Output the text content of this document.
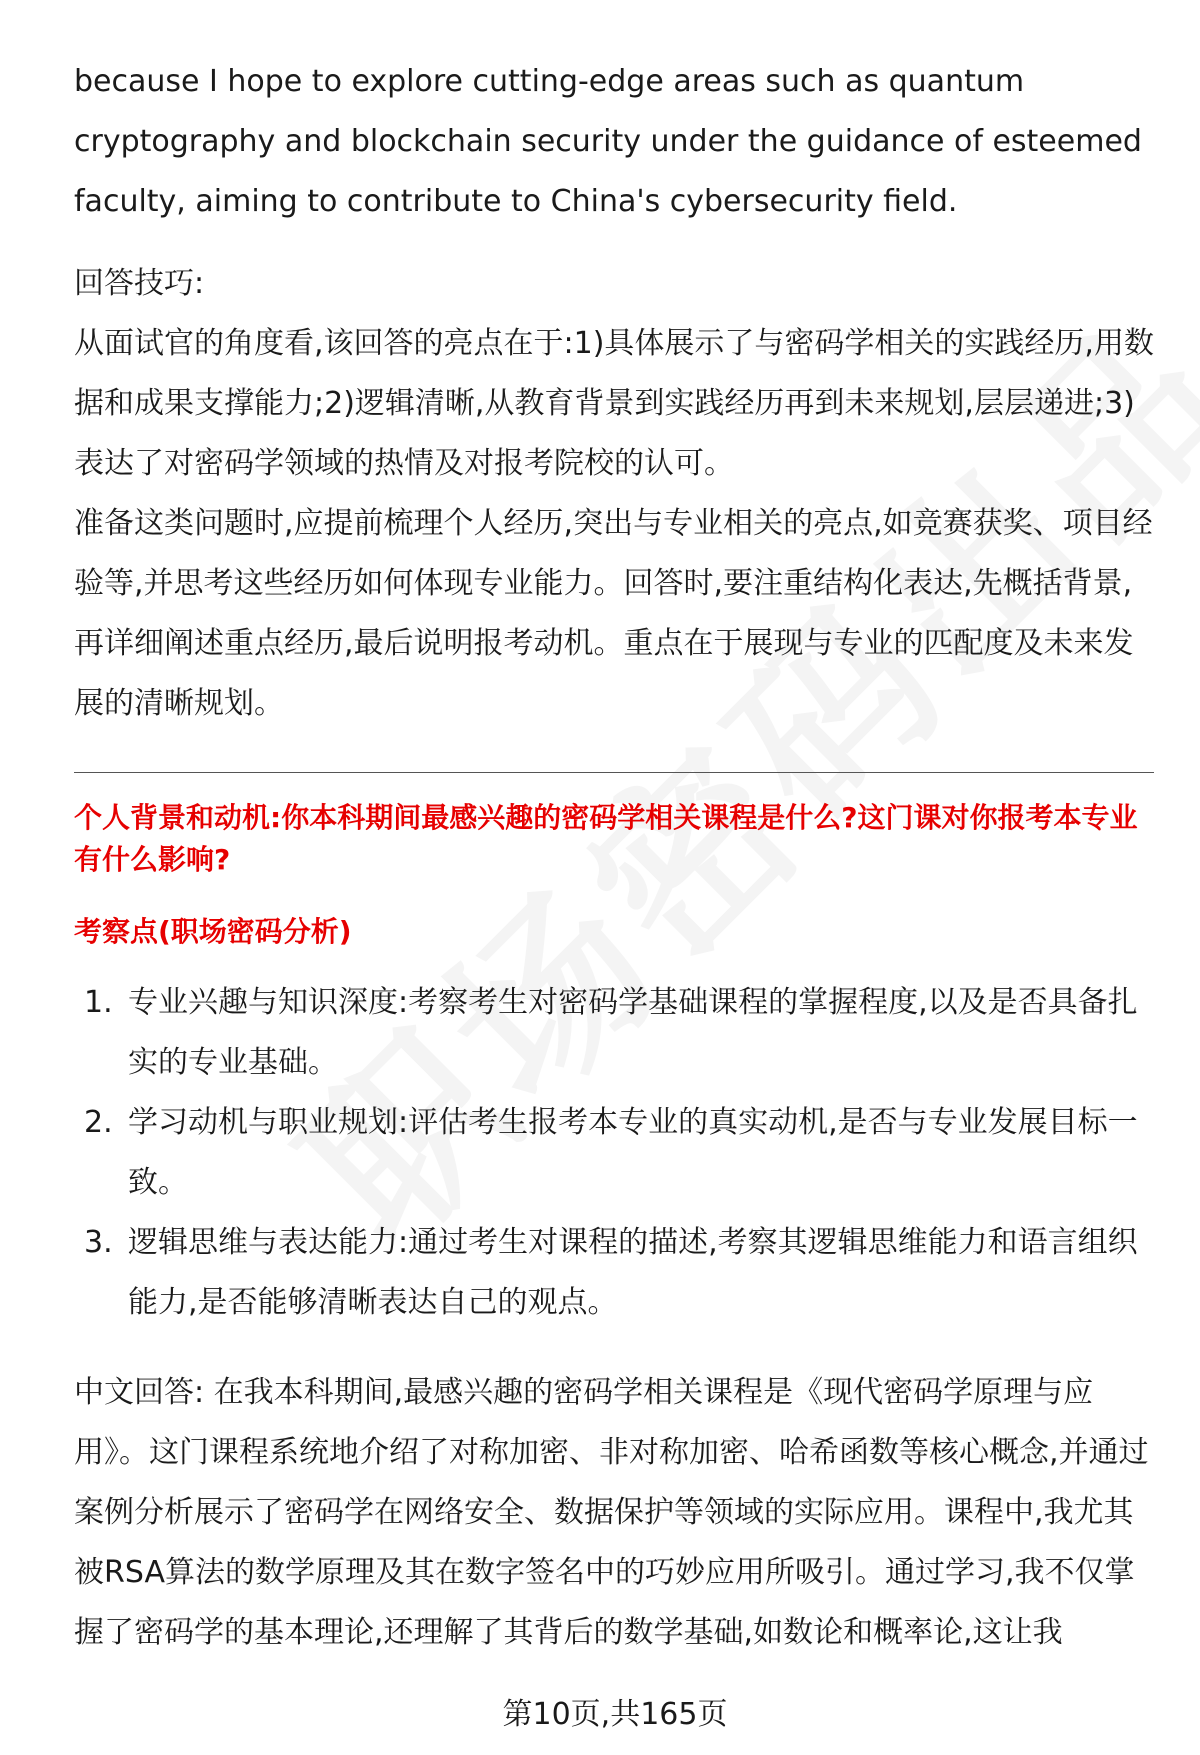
because I hope to explore cutting-edge areas such as quantum cryptography and blockchain security under the guidance of esteemed faculty, aiming to contribute to China's cybersecurity field.

回答技巧:

从面试官的角度看,该回答的亮点在于:1)具体展示了与密码学相关的实践经历,用数据和成果支撑能力;2)逻辑清晰,从教育背景到实践经历再到未来规划,层层递进;3)表达了对密码学领域的热情及对报考院校的认可。

准备这类问题时,应提前梳理个人经历,突出与专业相关的亮点,如竞赛获奖、项目经验等,并思考这些经历如何体现专业能力。回答时,要注重结构化表达,先概括背景,再详细阐述重点经历,最后说明报考动机。重点在于展现与专业的匹配度及未来发展的清晰规划。

个人背景和动机:你本科期间最感兴趣的密码学相关课程是什么?这门课对你报考本专业有什么影响?

考察点(职场密码分析)

1. 专业兴趣与知识深度:考察考生对密码学基础课程的掌握程度,以及是否具备扎实的专业基础。
2. 学习动机与职业规划:评估考生报考本专业的真实动机,是否与专业发展目标一致。
3. 逻辑思维与表达能力:通过考生对课程的描述,考察其逻辑思维能力和语言组织能力,是否能够清晰表达自己的观点。

中文回答: 在我本科期间,最感兴趣的密码学相关课程是《现代密码学原理与应用》。这门课程系统地介绍了对称加密、非对称加密、哈希函数等核心概念,并通过案例分析展示了密码学在网络安全、数据保护等领域的实际应用。课程中,我尤其被RSA算法的数学原理及其在数字签名中的巧妙应用所吸引。通过学习,我不仅掌握了密码学的基本理论,还理解了其背后的数学基础,如数论和概率论,这让我

第10页,共165页
